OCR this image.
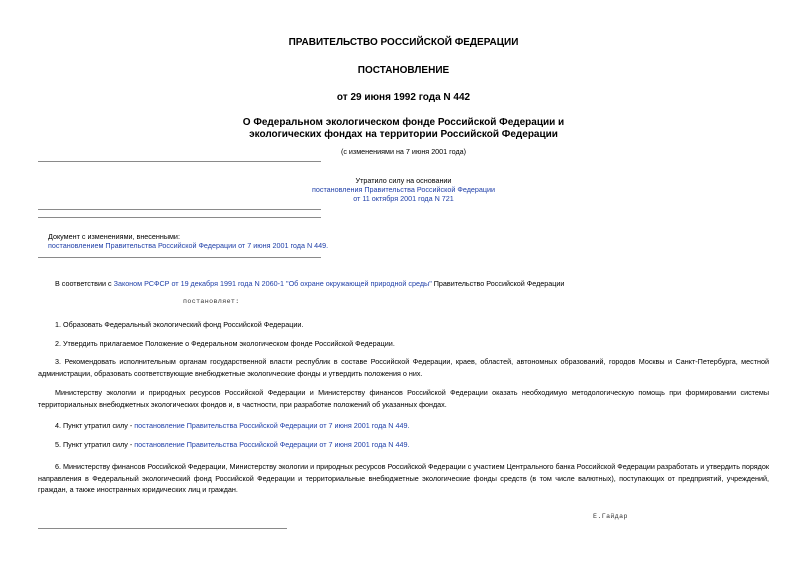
ПРАВИТЕЛЬСТВО РОССИЙСКОЙ ФЕДЕРАЦИИ
ПОСТАНОВЛЕНИЕ
от 29 июня 1992 года N 442
О Федеральном экологическом фонде Российской Федерации и
экологических фондах на территории Российской Федерации
(с изменениями на 7 июня 2001 года)
Утратило силу на основании
постановления Правительства Российской Федерации
от 11 октября 2001 года N 721
Документ с изменениями, внесенными:
постановлением Правительства Российской Федерации от 7 июня 2001 года N 449.
В соответствии с Законом РСФСР от 19 декабря 1991 года N 2060-1 "Об охране окружающей природной среды" Правительство Российской Федерации
постановляет:
1. Образовать Федеральный экологический фонд Российской Федерации.
2. Утвердить прилагаемое Положение о Федеральном экологическом фонде Российской Федерации.
3. Рекомендовать исполнительным органам государственной власти республик в составе Российской Федерации, краев, областей, автономных образований, городов Москвы и Санкт-Петербурга, местной администрации, образовать соответствующие внебюджетные экологические фонды и утвердить положения о них.
Министерству экологии и природных ресурсов Российской Федерации и Министерству финансов Российской Федерации оказать необходимую методологическую помощь при формировании системы территориальных внебюджетных экологических фондов и, в частности, при разработке положений об указанных фондах.
4. Пункт утратил силу - постановление Правительства Российской Федерации от 7 июня 2001 года N 449.
5. Пункт утратил силу - постановление Правительства Российской Федерации от 7 июня 2001 года N 449.
6. Министерству финансов Российской Федерации, Министерству экологии и природных ресурсов Российской Федерации с участием Центрального банка Российской Федерации разработать и утвердить порядок направления в Федеральный экологический фонд Российской Федерации и территориальные внебюджетные экологические фонды средств (в том числе валютных), поступающих от предприятий, учреждений, граждан, а также иностранных юридических лиц и граждан.
Е.Гайдар
